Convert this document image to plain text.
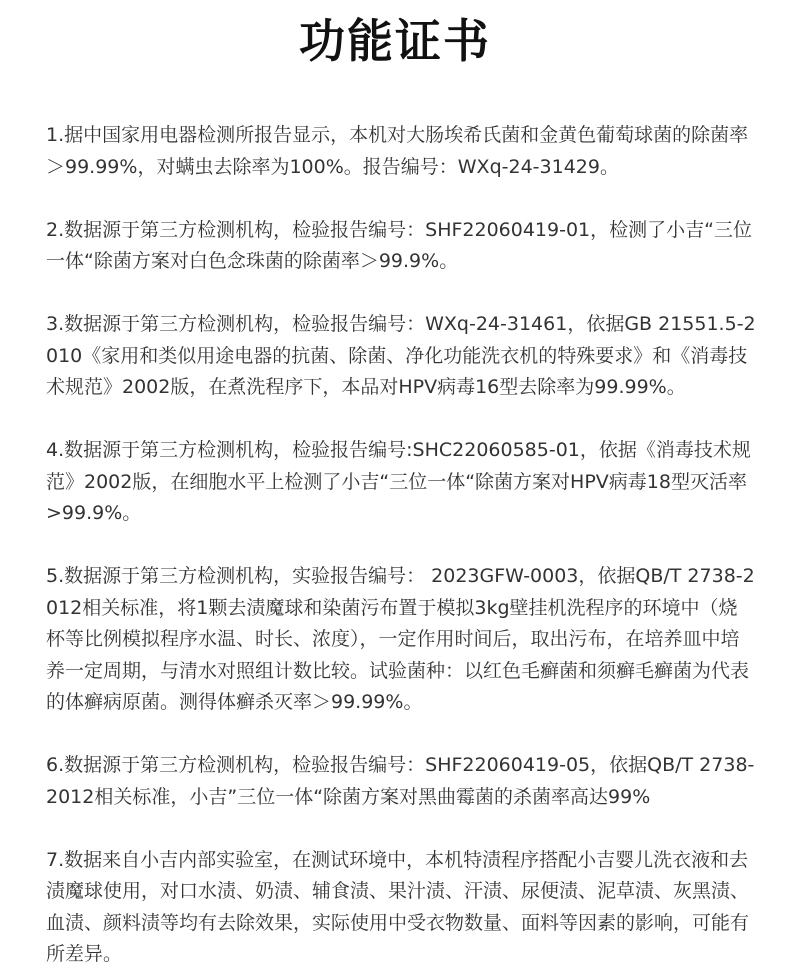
功能证书

1.据中国家用电器检测所报告显示，本机对大肠埃希氏菌和金黄色葡萄球菌的除菌率＞99.99%，对螨虫去除率为100%。报告编号：WXq-24-31429。

2.数据源于第三方检测机构，检验报告编号：SHF22060419-01，检测了小吉“三位一体“除菌方案对白色念珠菌的除菌率＞99.9%。

3.数据源于第三方检测机构，检验报告编号：WXq-24-31461，依据GB 21551.5-2010《家用和类似用途电器的抗菌、除菌、净化功能洗衣机的特殊要求》和《消毒技术规范》2002版，在煮洗程序下，本品对HPV病毒16型去除率为99.99%。

4.数据源于第三方检测机构，检验报告编号:SHC22060585-01，依据《消毒技术规范》2002版，在细胞水平上检测了小吉“三位一体“除菌方案对HPV病毒18型灭活率>99.9%。

5.数据源于第三方检测机构，实验报告编号： 2023GFW-0003，依据QB/T 2738-2012相关标准，将1颗去渍魔球和染菌污布置于模拟3kg壁挂机洗程序的环境中（烧杯等比例模拟程序水温、时长、浓度），一定作用时间后，取出污布，在培养皿中培养一定周期，与清水对照组计数比较。试验菌种：以红色毛癣菌和须癣毛癣菌为代表的体癣病原菌。测得体癣杀灭率＞99.99%。

6.数据源于第三方检测机构，检验报告编号：SHF22060419-05，依据QB/T 2738-2012相关标准，小吉”三位一体“除菌方案对黑曲霉菌的杀菌率高达99%

7.数据来自小吉内部实验室，在测试环境中，本机特渍程序搭配小吉婴儿洗衣液和去渍魔球使用，对口水渍、奶渍、辅食渍、果汁渍、汗渍、尿便渍、泥草渍、灰黑渍、血渍、颜料渍等均有去除效果，实际使用中受衣物数量、面料等因素的影响，可能有所差异。
